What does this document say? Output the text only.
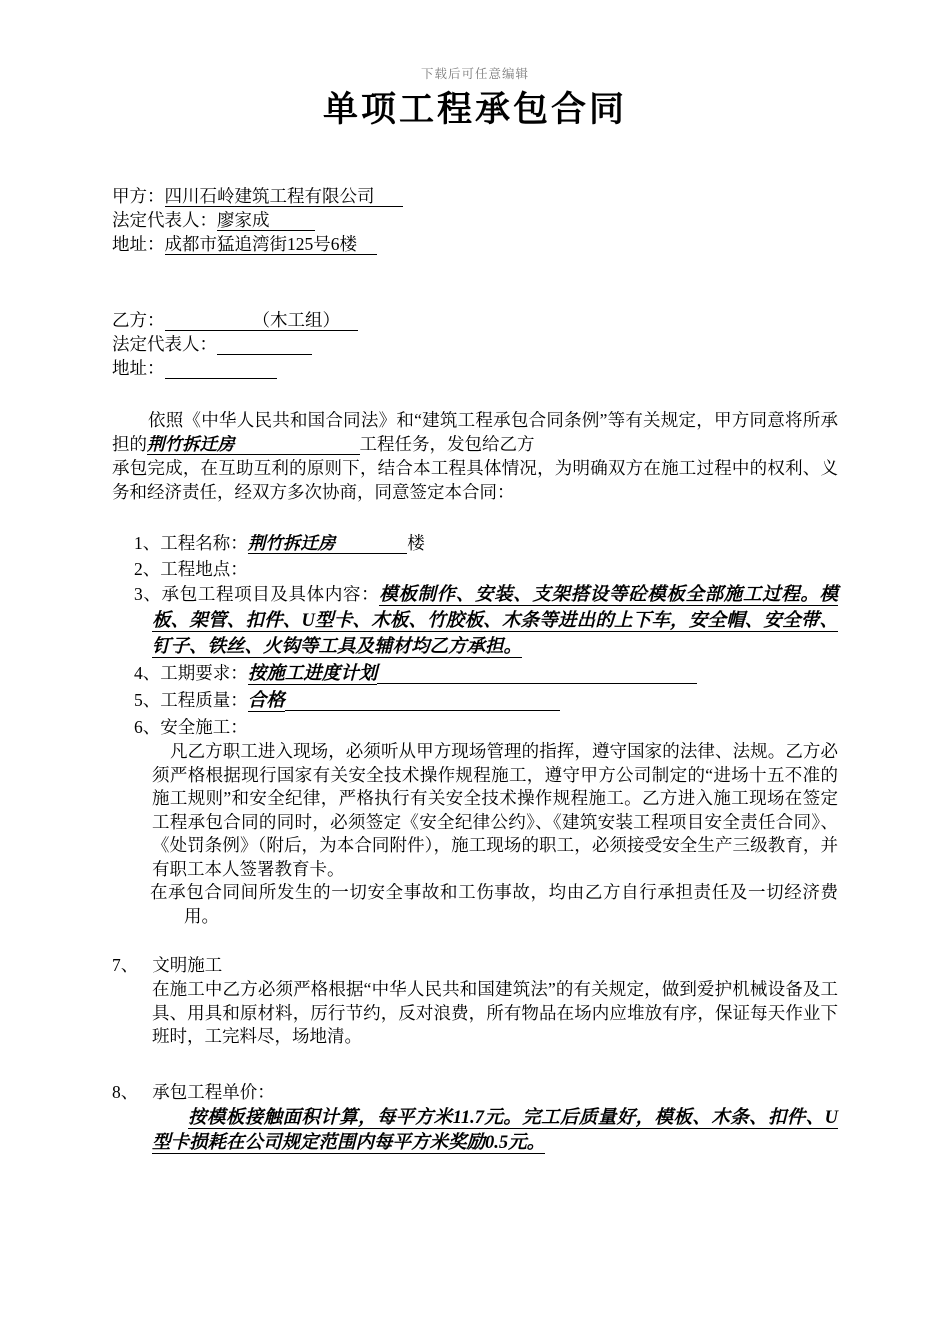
下载后可任意编辑
单项工程承包合同

甲方：四川石岭建筑工程有限公司

法定代表人：廖家成

地址：成都市猛追湾街125号6楼

乙方：	（木工组）

法定代表人：

地址：

依照《中华人民共和国合同法》和“建筑工程承包合同条例”等有关规定，甲方同意将所承担的荆竹拆迁房	工程任务，发包给乙方
承包完成，在互助互利的原则下，结合本工程具体情况，为明确双方在施工过程中的权利、义务和经济责任，经双方多次协商，同意签定本合同：

1、工程名称：荆竹拆迁房	楼
2、工程地点：
3、承包工程项目及具体内容：模板制作、安装、支架搭设等砼模板全部施工过程。模板、架管、扣件、U型卡、木板、竹胶板、木条等进出的上下车，安全帽、安全带、钉子、铁丝、火钩等工具及辅材均乙方承担。
4、工期要求：按施工进度计划
5、工程质量：合格
6、安全施工：

凡乙方职工进入现场，必须听从甲方现场管理的指挥，遵守国家的法律、法规。乙方必须严格根据现行国家有关安全技术操作规程施工，遵守甲方公司制定的“进场十五不准的施工规则”和安全纪律，严格执行有关安全技术操作规程施工。乙方进入施工现场在签定工程承包合同的同时，必须签定《安全纪律公约》、《建筑安装工程项目安全责任合同》、《处罚条例》（附后，为本合同附件），施工现场的职工，必须接受安全生产三级教育，并有职工本人签署教育卡。

在承包合同间所发生的一切安全事故和工伤事故，均由乙方自行承担责任及一切经济费用。

7、 文明施工

在施工中乙方必须严格根据“中华人民共和国建筑法”的有关规定，做到爱护机械设备及工具、用具和原材料，厉行节约，反对浪费，所有物品在场内应堆放有序，保证每天作业下班时，工完料尽，场地清。

8、 承包工程单价：

按模板接触面积计算，每平方米11.7元。完工后质量好，模板、木条、扣件、U型卡损耗在公司规定范围内每平方米奖励0.5元。
